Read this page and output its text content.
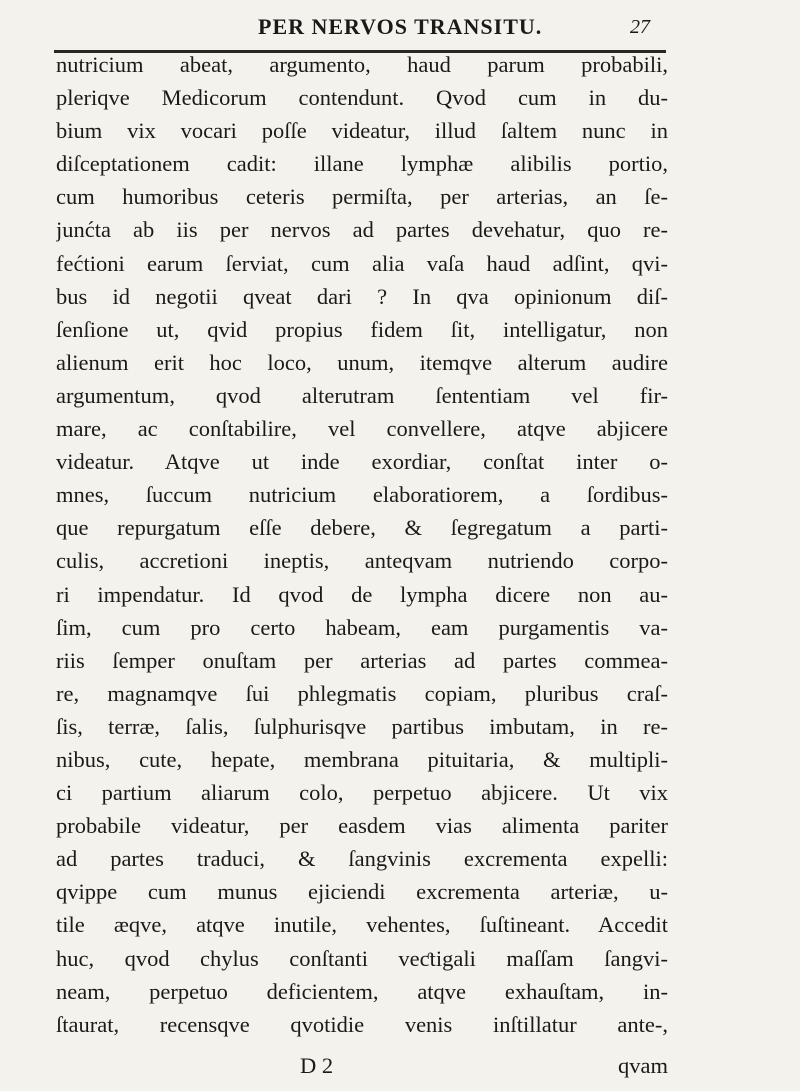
PER NERVOS TRANSITU.	27
nutricium abeat, argumento, haud parum probabili,
pleriqve Medicorum contendunt. Qvod cum in du-
bium vix vocari poſſe videatur, illud ſaltem nunc in
diſceptationem cadit: illane lymphæ alibilis portio,
cum humoribus ceteris permiſta, per arterias, an ſe-
junćta ab iis per nervos ad partes devehatur, quo re-
fećtioni earum ſerviat, cum alia vaſa haud adſint, qvi-
bus id negotii qveat dari ? In qva opinionum diſ-
ſenſione ut, qvid propius fidem ſit, intelligatur, non
alienum erit hoc loco, unum, itemqve alterum audire
argumentum, qvod alterutram ſententiam vel fir-
mare, ac conſtabilire, vel convellere, atqve abjicere
videatur. Atqve ut inde exordiar, conſtat inter o-
mnes, ſuccum nutricium elaboratiorem, a ſordibus-
que repurgatum eſſe debere, & ſegregatum a parti-
culis, accretioni ineptis, anteqvam nutriendo corpo-
ri impendatur. Id qvod de lympha dicere non au-
ſim, cum pro certo habeam, eam purgamentis va-
riis ſemper onuſtam per arterias ad partes commea-
re, magnamqve ſui phlegmatis copiam, pluribus craſ-
ſis, terræ, ſalis, ſulphurisqve partibus imbutam, in re-
nibus, cute, hepate, membrana pituitaria, & multipli-
ci partium aliarum colo, perpetuo abjicere. Ut vix
probabile videatur, per easdem vias alimenta pariter
ad partes traduci, & ſangvinis excrementa expelli:
qvippe cum munus ejiciendi excrementa arteriæ, u-
tile æqve, atqve inutile, vehentes, ſuſtineant. Accedit
huc, qvod chylus conſtanti veƈtigali maſſam ſangvi-
neam, perpetuo deficientem, atqve exhauſtam, in-
ſtaurat, recensqve qvotidie venis inſtillatur ante-,
D 2	qvam
